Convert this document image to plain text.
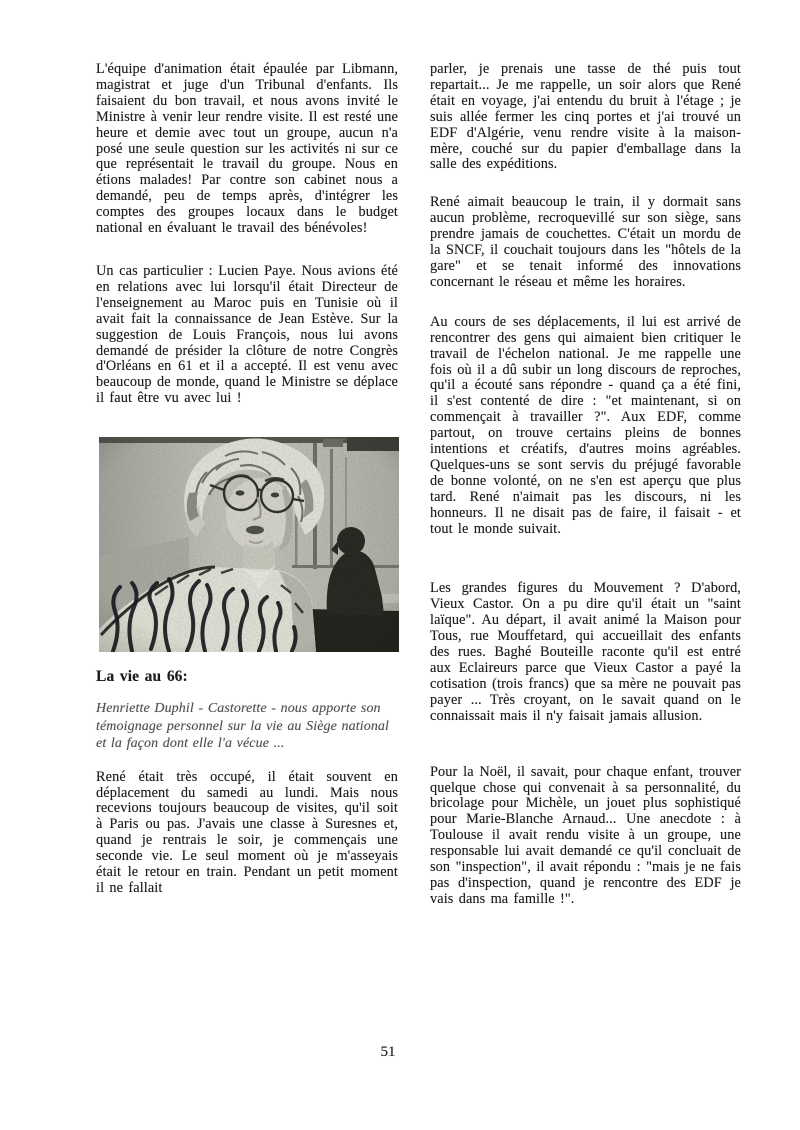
L'équipe d'animation était épaulée par Libmann, magistrat et juge d'un Tribunal d'enfants. Ils faisaient du bon travail, et nous avons invité le Ministre à venir leur rendre visite. Il est resté une heure et demie avec tout un groupe, aucun n'a posé une seule question sur les activités ni sur ce que représentait le travail du groupe. Nous en étions malades! Par contre son cabinet nous a demandé, peu de temps après, d'intégrer les comptes des groupes locaux dans le budget national en évaluant le travail des bénévoles!

Un cas particulier : Lucien Paye. Nous avions été en relations avec lui lorsqu'il était Directeur de l'enseignement au Maroc puis en Tunisie où il avait fait la connaissance de Jean Estève. Sur la suggestion de Louis François, nous lui avons demandé de présider la clôture de notre Congrès d'Orléans en 61 et il a accepté. Il est venu avec beaucoup de monde, quand le Ministre se déplace il faut être vu avec lui !

La vie au 66:

Henriette Duphil - Castorette - nous apporte son témoignage personnel sur la vie au Siège national et la façon dont elle l'a vécue ...

René était très occupé, il était souvent en déplacement du samedi au lundi. Mais nous recevions toujours beaucoup de visites, qu'il soit à Paris ou pas. J'avais une classe à Suresnes et, quand je rentrais le soir, je commençais une seconde vie. Le seul moment où je m'asseyais était le retour en train. Pendant un petit moment il ne fallait

parler, je prenais une tasse de thé puis tout repartait... Je me rappelle, un soir alors que René était en voyage, j'ai entendu du bruit à l'étage ; je suis allée fermer les cinq portes et j'ai trouvé un EDF d'Algérie, venu rendre visite à la maison-mère, couché sur du papier d'emballage dans la salle des expéditions.

René aimait beaucoup le train, il y dormait sans aucun problème, recroquevillé sur son siège, sans prendre jamais de couchettes. C'était un mordu de la SNCF, il couchait toujours dans les "hôtels de la gare" et se tenait informé des innovations concernant le réseau et même les horaires.

Au cours de ses déplacements, il lui est arrivé de rencontrer des gens qui aimaient bien critiquer le travail de l'échelon national. Je me rappelle une fois où il a dû subir un long discours de reproches, qu'il a écouté sans répondre - quand ça a été fini, il s'est contenté de dire : "et maintenant, si on commençait à travailler ?". Aux EDF, comme partout, on trouve certains pleins de bonnes intentions et créatifs, d'autres moins agréables. Quelques-uns se sont servis du préjugé favorable de bonne volonté, on ne s'en est aperçu que plus tard. René n'aimait pas les discours, ni les honneurs. Il ne disait pas de faire, il faisait - et tout le monde suivait.

Les grandes figures du Mouvement ? D'abord, Vieux Castor. On a pu dire qu'il était un "saint laïque". Au départ, il avait animé la Maison pour Tous, rue Mouffetard, qui accueillait des enfants des rues. Baghé Bouteille raconte qu'il est entré aux Eclaireurs parce que Vieux Castor a payé la cotisation (trois francs) que sa mère ne pouvait pas payer ... Très croyant, on le savait quand on le connaissait mais il n'y faisait jamais allusion.

Pour la Noël, il savait, pour chaque enfant, trouver quelque chose qui convenait à sa personnalité, du bricolage pour Michèle, un jouet plus sophistiqué pour Marie-Blanche Arnaud... Une anecdote : à Toulouse il avait rendu visite à un groupe, une responsable lui avait demandé ce qu'il concluait de son "inspection", il avait répondu : "mais je ne fais pas d'inspection, quand je rencontre des EDF je vais dans ma famille !".

51
